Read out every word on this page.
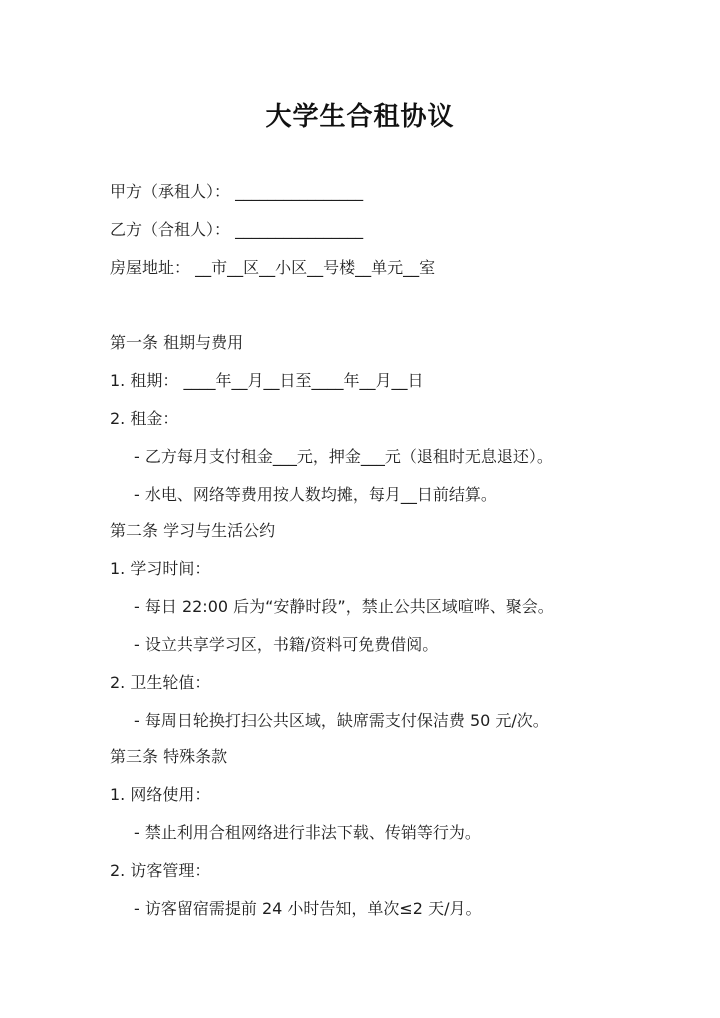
大学生合租协议
甲方（承租人）： ________________
乙方（合租人）： ________________
房屋地址： __市__区__小区__号楼__单元__室
第一条 租期与费用
1. 租期： ____年__月__日至____年__月__日
2. 租金：
- 乙方每月支付租金___元，押金___元（退租时无息退还）。
- 水电、网络等费用按人数均摊，每月__日前结算。
第二条 学习与生活公约
1. 学习时间：
- 每日 22:00 后为“安静时段”，禁止公共区域喧哗、聚会。
- 设立共享学习区，书籍/资料可免费借阅。
2. 卫生轮值：
- 每周日轮换打扫公共区域，缺席需支付保洁费 50 元/次。
第三条 特殊条款
1. 网络使用：
- 禁止利用合租网络进行非法下载、传销等行为。
2. 访客管理：
- 访客留宿需提前 24 小时告知，单次≤2 天/月。
